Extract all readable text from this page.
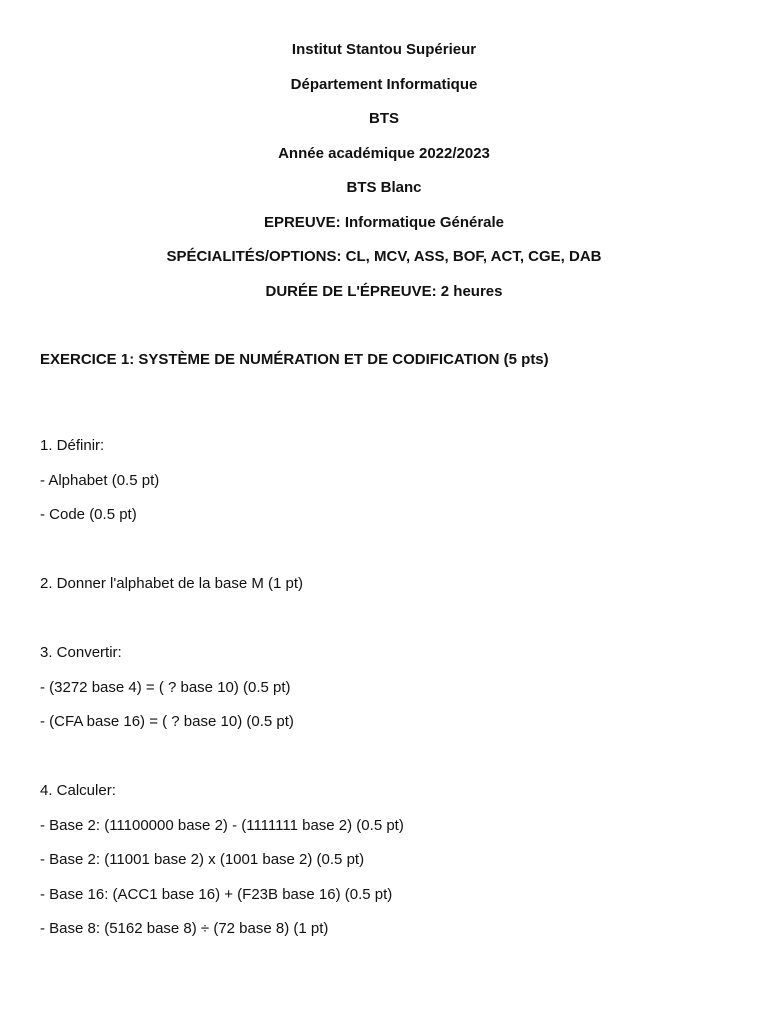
Institut Stantou Supérieur
Département Informatique
BTS
Année académique 2022/2023
BTS Blanc
EPREUVE: Informatique Générale
SPÉCIALITÉS/OPTIONS: CL, MCV, ASS, BOF, ACT, CGE, DAB
DURÉE DE L'ÉPREUVE: 2 heures
EXERCICE 1: SYSTÈME DE NUMÉRATION ET DE CODIFICATION (5 pts)
1. Définir:
- Alphabet (0.5 pt)
- Code (0.5 pt)
2. Donner l'alphabet de la base M (1 pt)
3. Convertir:
- (3272 base 4) = ( ? base 10) (0.5 pt)
- (CFA base 16) = ( ? base 10) (0.5 pt)
4. Calculer:
- Base 2: (11100000 base 2) - (1111111 base 2) (0.5 pt)
- Base 2: (11001 base 2) x (1001 base 2) (0.5 pt)
- Base 16: (ACC1 base 16) + (F23B base 16) (0.5 pt)
- Base 8: (5162 base 8) ÷ (72 base 8) (1 pt)
